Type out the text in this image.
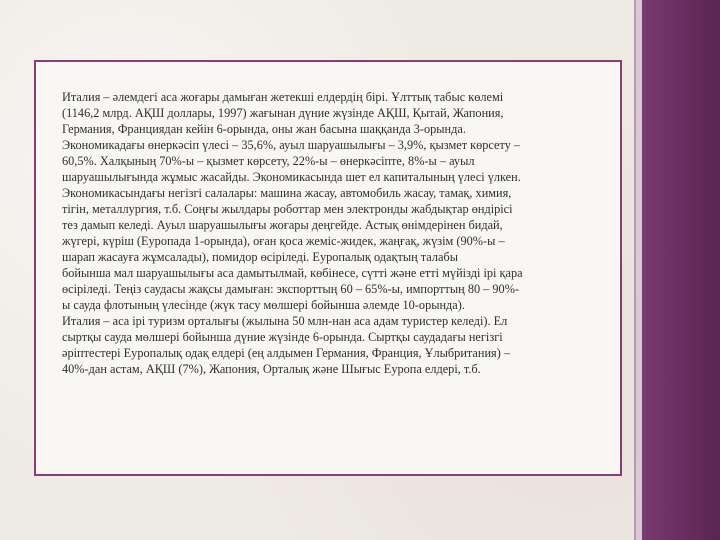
Италия – әлемдегі аса жоғары дамыған жетекші елдердің бірі. Ұлттық табыс көлемі
(1146,2 млрд. АҚШ доллары, 1997) жағынан дүние жүзінде АҚШ, Қытай, Жапония,
Германия, Франциядан кейін 6-орында, оны жан басына шаққанда 3-орында.
Экономикадағы өнеркәсіп үлесі – 35,6%, ауыл шаруашылығы – 3,9%, қызмет көрсету –
60,5%. Халқының 70%-ы – қызмет көрсету, 22%-ы – өнеркәсіпте, 8%-ы – ауыл
шаруашылығында жұмыс жасайды. Экономикасында шет ел капиталының үлесі үлкен.
Экономикасындағы негізгі салалары: машина жасау, автомобиль жасау, тамақ, химия,
тігін, металлургия, т.б. Соңғы жылдары роботтар мен электронды жабдықтар өндірісі
тез дамып келеді. Ауыл шаруашылығы жоғары деңгейде. Астық өнімдерінен бидай,
жүгері, күріш (Еуропада 1-орында), оған қоса жеміс-жидек, жаңғақ, жүзім (90%-ы –
шарап жасауға жұмсалады), помидор өсіріледі. Еуропалық одақтың талабы
бойынша мал шаруашылығы аса дамытылмай, көбінесе, сүтті және етті мүйізді ірі қара
өсіріледі. Теңіз саудасы жақсы дамыған: экспорттың 60 – 65%-ы, импорттың 80 – 90%-
ы сауда флотының үлесінде (жүк тасу мөлшері бойынша әлемде 10-орында).
Италия – аса ірі туризм орталығы (жылына 50 млн-нан аса адам туристер келеді). Ел
сыртқы сауда мөлшері бойынша дүние жүзінде 6-орында. Сыртқы саудадағы негізгі
әріптестері Еуропалық одақ елдері (ең алдымен Германия, Франция, Ұлыбритания) –
40%-дан астам, АҚШ (7%), Жапония, Орталық және Шығыс Еуропа елдері, т.б.
